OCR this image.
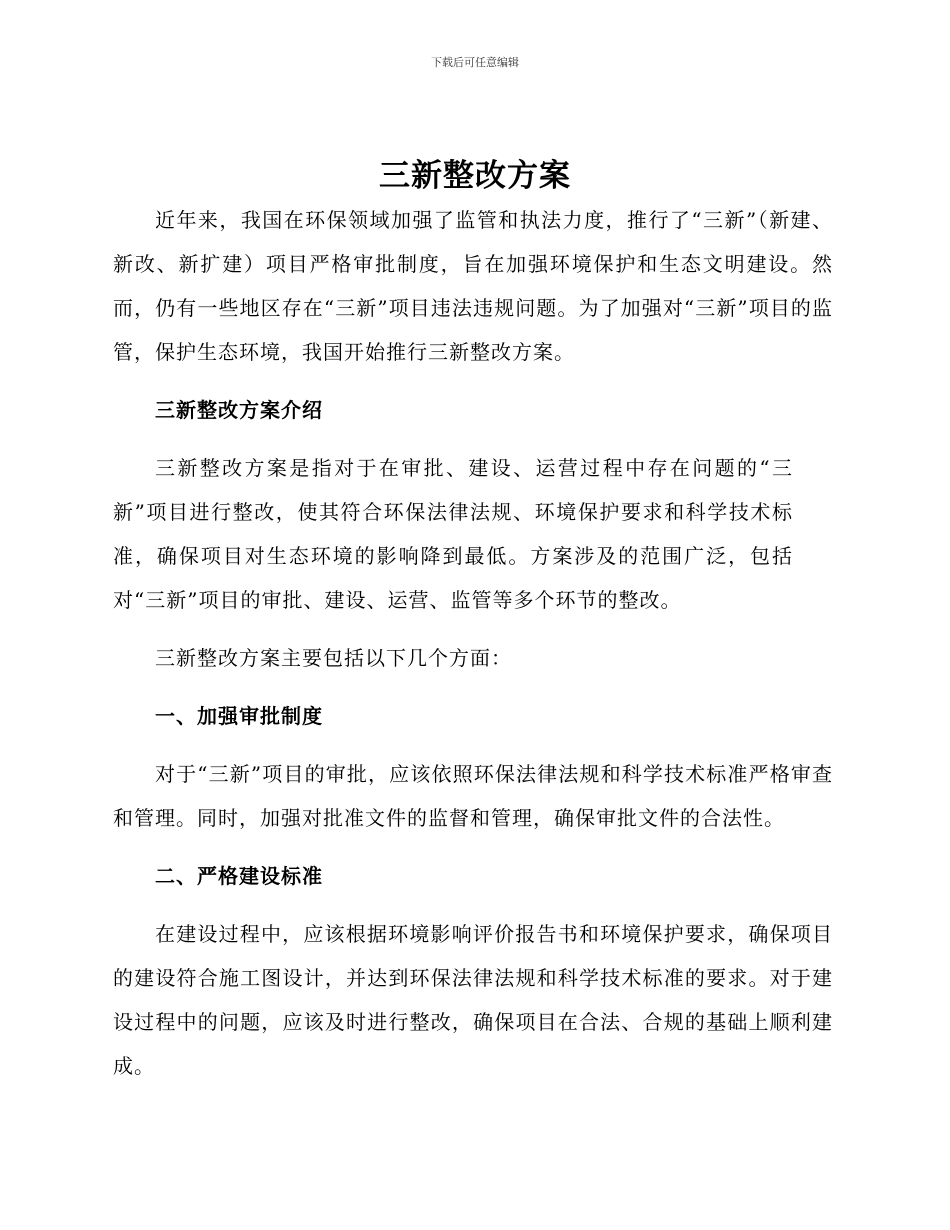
下载后可任意编辑
三新整改方案

近年来，我国在环保领域加强了监管和执法力度，推行了“三新”（新建、新改、新扩建）项目严格审批制度，旨在加强环境保护和生态文明建设。然而，仍有一些地区存在“三新”项目违法违规问题。为了加强对“三新”项目的监管，保护生态环境，我国开始推行三新整改方案。

三新整改方案介绍

三新整改方案是指对于在审批、建设、运营过程中存在问题的“三新”项目进行整改，使其符合环保法律法规、环境保护要求和科学技术标准，确保项目对生态环境的影响降到最低。方案涉及的范围广泛，包括对“三新”项目的审批、建设、运营、监管等多个环节的整改。

三新整改方案主要包括以下几个方面：

一、加强审批制度

对于“三新”项目的审批，应该依照环保法律法规和科学技术标准严格审查和管理。同时，加强对批准文件的监督和管理，确保审批文件的合法性。

二、严格建设标准

在建设过程中，应该根据环境影响评价报告书和环境保护要求，确保项目的建设符合施工图设计，并达到环保法律法规和科学技术标准的要求。对于建设过程中的问题，应该及时进行整改，确保项目在合法、合规的基础上顺利建成。
